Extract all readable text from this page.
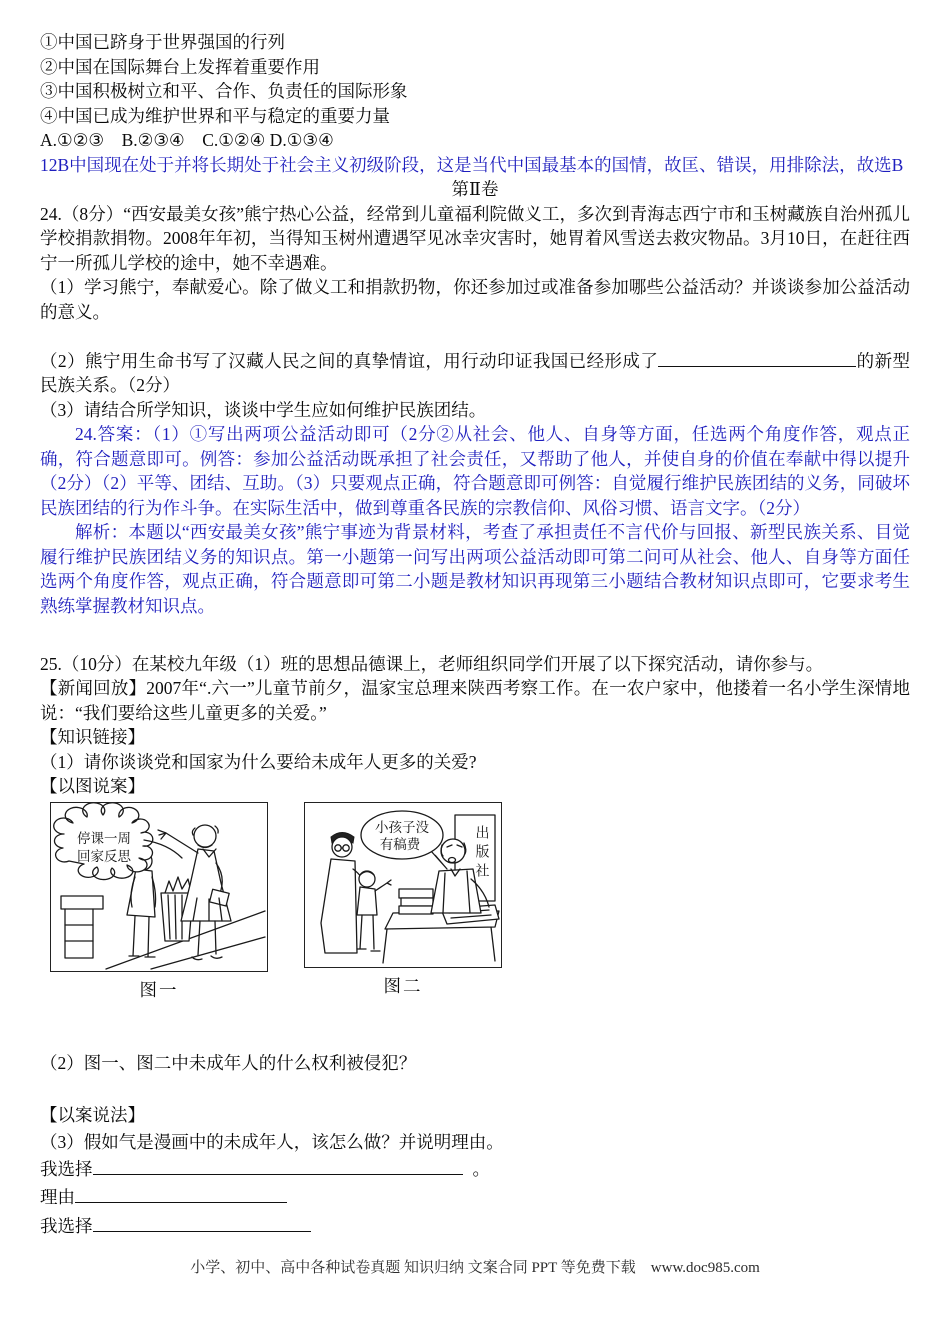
①中国已跻身于世界强国的行列
②中国在国际舞台上发挥着重要作用
③中国积极树立和平、合作、负责任的国际形象
④中国已成为维护世界和平与稳定的重要力量
A.①②③　B.②③④　C.①②④ D.①③④
12B中国现在处于并将长期处于社会主义初级阶段，这是当代中国最基本的国情，故匡、错误，用排除法，故选B
第Ⅱ卷

24.（8分）“西安最美女孩”熊宁热心公益，经常到儿童福利院做义工，多次到青海志西宁市和玉树藏族自治州孤儿学校捐款捐物。2008年年初，当得知玉树州遭遇罕见冰幸灾害时，她胃着风雪送去救灾物品。3月10日，在赶往西宁一所孤儿学校的途中，她不幸遇难。

（1）学习熊宁，奉献爱心。除了做义工和捐款扔物，你还参加过或准备参加哪些公益活动？并谈谈参加公益活动的意义。

（2）熊宁用生命书写了汉藏人民之间的真挚情谊，用行动印证我国已经形成了	的新型民族关系。（2分）

（3）请结合所学知识，谈谈中学生应如何维护民族团结。

24.答案：（1）①写出两项公益活动即可（2分②从社会、他人、自身等方面，任选两个角度作答，观点正确，符合题意即可。例答：参加公益活动既承担了社会责任，又帮助了他人，并使自身的价值在奉献中得以提升（2分）（2）平等、团结、互助。（3）只要观点正确，符合题意即可例答：自觉履行维护民族团结的义务，同破坏民族团结的行为作斗争。在实际生活中，做到尊重各民族的宗教信仰、风俗习惯、语言文字。（2分）

解析：本题以“西安最美女孩”熊宁事迹为背景材料，考查了承担责任不言代价与回报、新型民族关系、目觉履行维护民族团结义务的知识点。第一小题第一问写出两项公益活动即可第二问可从社会、他人、自身等方面任选两个角度作答，观点正确，符合题意即可第二小题是教材知识再现第三小题结合教材知识点即可，它要求考生熟练掌握教材知识点。

25.（10分）在某校九年级（1）班的思想品德课上，老师组织同学们开展了以下探究活动，请你参与。

【新闻回放】2007年“.六一”儿童节前夕，温家宝总理来陕西考察工作。在一农户家中，他搂着一名小学生深情地说：“我们要给这些儿童更多的关爱。”

【知识链接】

（1）请你谈谈党和国家为什么要给未成年人更多的关爱?

【以图说案】

停课一周
回家反思
图一
出版社
小孩子没
有稿费
图二

（2）图一、图二中未成年人的什么权利被侵犯？

【以案说法】

（3）假如气是漫画中的未成年人，该怎么做？并说明理由。

我选择	。
理由
我选择
小学、初中、高中各种试卷真题 知识归纳 文案合同 PPT 等免费下载　www.doc985.com
